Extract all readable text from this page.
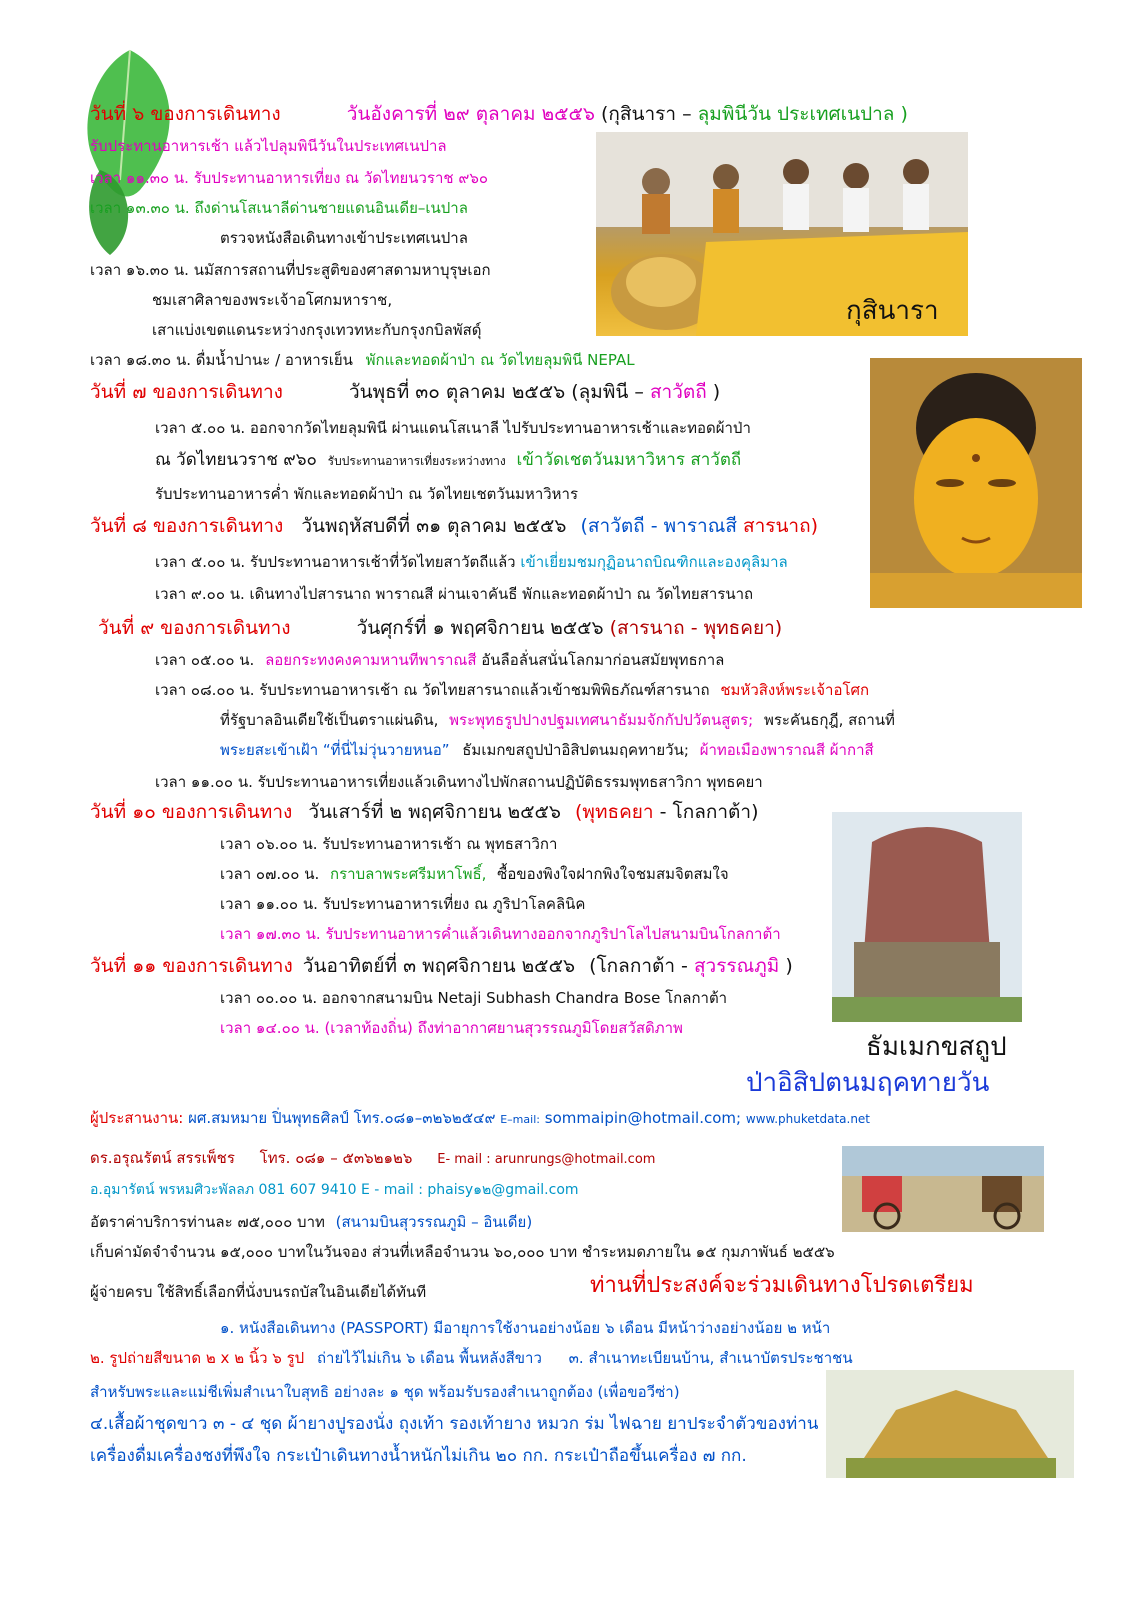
กุสินารา
ธัมเมกขสถูป
ป่าอิสิปตนมฤคทายวัน
วันที่ ๖ ของการเดินทาง	วันอังคารที่ ๒๙ ตุลาคม ๒๕๕๖ (กุสินารา – ลุมพินีวัน ประเทศเนปาล )
รับประทานอาหารเช้า แล้วไปลุมพินีวันในประเทศเนปาล
เวลา ๑๑.๓๐ น. รับประทานอาหารเที่ยง ณ วัดไทยนวราช ๙๖๐
เวลา ๑๓.๓๐ น. ถึงด่านโสเนาลีด่านชายแดนอินเดีย–เนปาล
ตรวจหนังสือเดินทางเข้าประเทศเนปาล
เวลา ๑๖.๓๐ น. นมัสการสถานที่ประสูติของศาสดามหาบุรุษเอก
ชมเสาศิลาของพระเจ้าอโศกมหาราช,
เสาแบ่งเขตแดนระหว่างกรุงเทวทหะกับกรุงกบิลพัสดุ์
เวลา ๑๘.๓๐ น. ดื่มน้ำปานะ / อาหารเย็น พักและทอดผ้าป่า ณ วัดไทยลุมพินี NEPAL
วันที่ ๗ ของการเดินทาง	วันพุธที่ ๓๐ ตุลาคม ๒๕๕๖ (ลุมพินี – สาวัตถี )
เวลา ๕.๐๐ น. ออกจากวัดไทยลุมพินี ผ่านแดนโสเนาลี ไปรับประทานอาหารเช้าและทอดผ้าป่า
ณ วัดไทยนวราช ๙๖๐ รับประทานอาหารเที่ยงระหว่างทาง เข้าวัดเชตวันมหาวิหาร สาวัตถี
รับประทานอาหารค่ำ พักและทอดผ้าป่า ณ วัดไทยเชตวันมหาวิหาร
วันที่ ๘ ของการเดินทาง วันพฤหัสบดีที่ ๓๑ ตุลาคม ๒๕๕๖ (สาวัตถี - พาราณสี สารนาถ)
เวลา ๕.๐๐ น. รับประทานอาหารเช้าที่วัดไทยสาวัตถีแล้ว เข้าเยี่ยมชมกุฏิอนาถบิณฑิกและองคุลิมาล
เวลา ๙.๐๐ น. เดินทางไปสารนาถ พาราณสี ผ่านเจาคันธี พักและทอดผ้าป่า ณ วัดไทยสารนาถ
วันที่ ๙ ของการเดินทาง	วันศุกร์ที่ ๑ พฤศจิกายน ๒๕๕๖ (สารนาถ - พุทธคยา)
เวลา ๐๕.๐๐ น. ลอยกระทงคงคามหานทีพาราณสี อันลือลั่นสนั่นโลกมาก่อนสมัยพุทธกาล
เวลา ๐๘.๐๐ น. รับประทานอาหารเช้า ณ วัดไทยสารนาถแล้วเข้าชมพิพิธภัณฑ์สารนาถ ชมหัวสิงห์พระเจ้าอโศก
ที่รัฐบาลอินเดียใช้เป็นตราแผ่นดิน, พระพุทธรูปปางปฐมเทศนาธัมมจักกัปปวัตนสูตร; พระคันธกุฎี, สถานที่
พระยสะเข้าเฝ้า “ที่นี่ไม่วุ่นวายหนอ” ธัมเมกขสถูปป่าอิสิปตนมฤคทายวัน; ผ้าทอเมืองพาราณสี ผ้ากาสี
เวลา ๑๑.๐๐ น. รับประทานอาหารเที่ยงแล้วเดินทางไปพักสถานปฏิบัติธรรมพุทธสาวิกา พุทธคยา
วันที่ ๑๐ ของการเดินทาง วันเสาร์ที่ ๒ พฤศจิกายน ๒๕๕๖ (พุทธคยา - โกลกาต้า)
เวลา ๐๖.๐๐ น. รับประทานอาหารเช้า ณ พุทธสาวิกา
เวลา ๐๗.๐๐ น. กราบลาพระศรีมหาโพธิ์, ซื้อของพิงใจฝากพิงใจชมสมจิตสมใจ
เวลา ๑๑.๐๐ น. รับประทานอาหารเที่ยง ณ ภูริปาโลคลินิค
เวลา ๑๗.๓๐ น. รับประทานอาหารค่ำแล้วเดินทางออกจากภูริปาโลไปสนามบินโกลกาต้า
วันที่ ๑๑ ของการเดินทาง วันอาทิตย์ที่ ๓ พฤศจิกายน ๒๕๕๖ (โกลกาต้า - สุวรรณภูมิ )
เวลา ๐๐.๐๐ น. ออกจากสนามบิน Netaji Subhash Chandra Bose โกลกาต้า
เวลา ๑๔.๐๐ น. (เวลาท้องถิ่น) ถึงท่าอากาศยานสุวรรณภูมิโดยสวัสดิภาพ
ผู้ประสานงาน: ผศ.สมหมาย ปิ่นพุทธศิลป์ โทร.๐๘๑–๓๒๖๒๕๔๙ E–mail: sommaipin@hotmail.com; www.phuketdata.net
ดร.อรุณรัตน์ สรรเพ็ชร โทร. ๐๘๑ – ๕๓๖๒๑๒๖ E- mail : arunrungs@hotmail.com
อ.อุมารัตน์ พรหมศิวะพัลลภ 081 607 9410 E - mail : phaisy๑๒@gmail.com
อัตราค่าบริการท่านละ ๗๕,๐๐๐ บาท (สนามบินสุวรรณภูมิ – อินเดีย)
เก็บค่ามัดจำจำนวน ๑๕,๐๐๐ บาทในวันจอง ส่วนที่เหลือจำนวน ๖๐,๐๐๐ บาท ชำระหมดภายใน ๑๕ กุมภาพันธ์ ๒๕๕๖
ผู้จ่ายครบ ใช้สิทธิ์เลือกที่นั่งบนรถบัสในอินเดียได้ทันที	ท่านที่ประสงค์จะร่วมเดินทางโปรดเตรียม
๑. หนังสือเดินทาง (PASSPORT) มีอายุการใช้งานอย่างน้อย ๖ เดือน มีหน้าว่างอย่างน้อย ๒ หน้า
๒. รูปถ่ายสีขนาด ๒ x ๒ นิ้ว ๖ รูป ถ่ายไว้ไม่เกิน ๖ เดือน พื้นหลังสีขาว ๓. สำเนาทะเบียนบ้าน, สำเนาบัตรประชาชน
สำหรับพระและแม่ชีเพิ่มสำเนาใบสุทธิ อย่างละ ๑ ชุด พร้อมรับรองสำเนาถูกต้อง (เพื่อขอวีซ่า)
๔.เสื้อผ้าชุดขาว ๓ - ๔ ชุด ผ้ายางปูรองนั่ง ถุงเท้า รองเท้ายาง หมวก ร่ม ไฟฉาย ยาประจำตัวของท่าน
เครื่องดื่มเครื่องชงที่พึงใจ กระเป๋าเดินทางน้ำหนักไม่เกิน ๒๐ กก. กระเป๋าถือขึ้นเครื่อง ๗ กก.
